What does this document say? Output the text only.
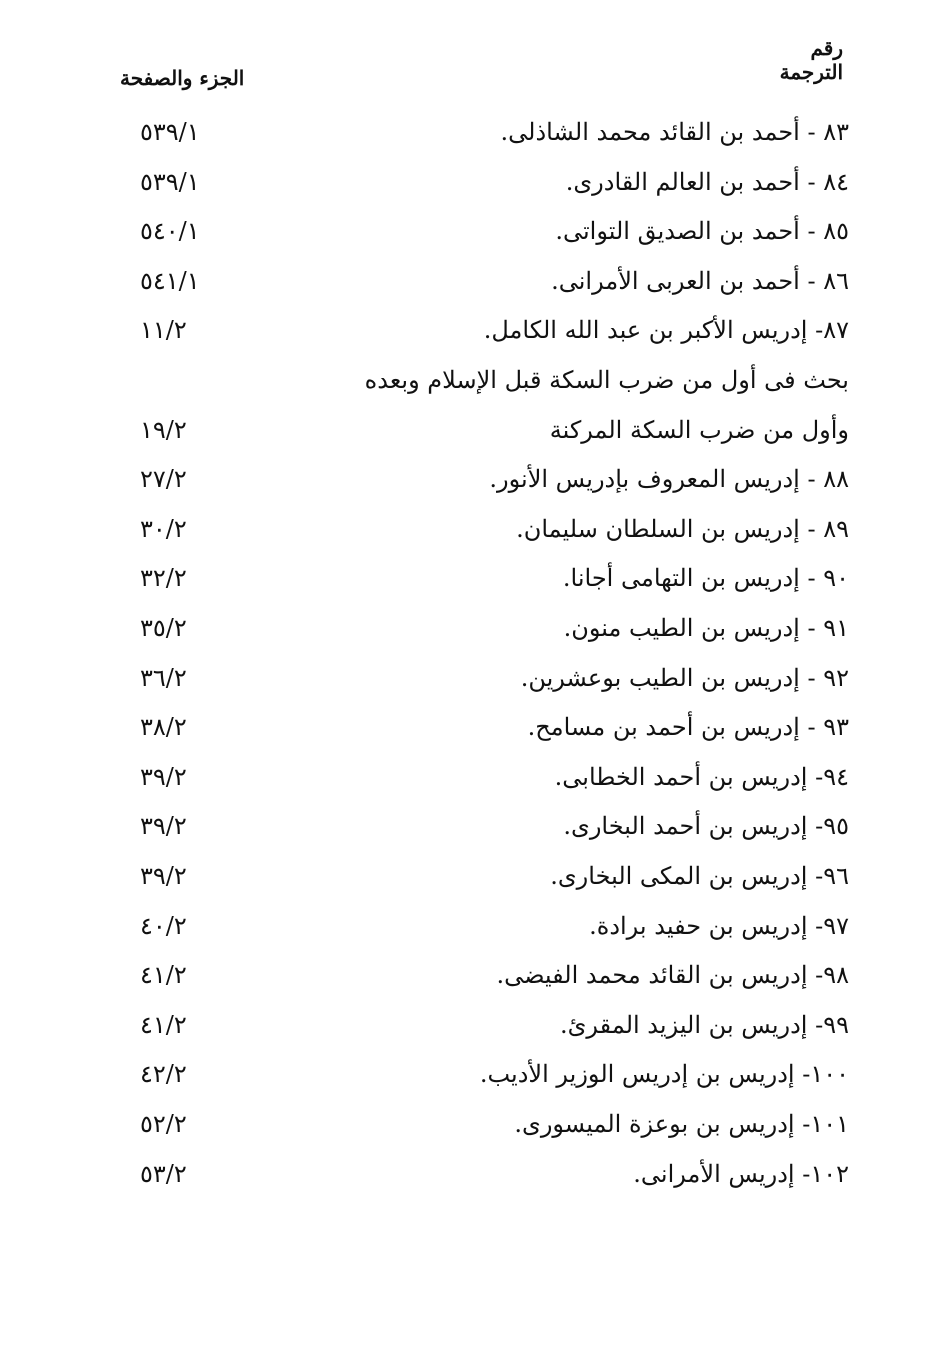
رقم
الترجمة
الجزء والصفحة
٨٣ - أحمد بن القائد محمد الشاذلى.
٥٣٩/١
٨٤ - أحمد بن العالم القادرى.
٥٣٩/١
٨٥ - أحمد بن الصديق التواتى.
٥٤٠/١
٨٦ - أحمد بن العربى الأمرانى.
٥٤١/١
٨٧- إدريس الأكبر بن عبد الله الكامل.
١١/٢
بحث فى أول من ضرب السكة قبل الإسلام وبعده
وأول من ضرب السكة المركنة
١٩/٢
٨٨ - إدريس المعروف بإدريس الأنور.
٢٧/٢
٨٩ - إدريس بن السلطان سليمان.
٣٠/٢
٩٠ - إدريس بن التهامى أجانا.
٣٢/٢
٩١ - إدريس بن الطيب منون.
٣٥/٢
٩٢ - إدريس بن الطيب بوعشرين.
٣٦/٢
٩٣ - إدريس بن أحمد بن مسامح.
٣٨/٢
٩٤- إدريس بن أحمد الخطابى.
٣٩/٢
٩٥- إدريس بن أحمد البخارى.
٣٩/٢
٩٦- إدريس بن المكى البخارى.
٣٩/٢
٩٧- إدريس بن حفيد برادة.
٤٠/٢
٩٨- إدريس بن القائد محمد الفيضى.
٤١/٢
٩٩- إدريس بن اليزيد المقرئ.
٤١/٢
١٠٠- إدريس بن إدريس الوزير الأديب.
٤٢/٢
١٠١- إدريس بن بوعزة الميسورى.
٥٢/٢
١٠٢- إدريس الأمرانى.
٥٣/٢
